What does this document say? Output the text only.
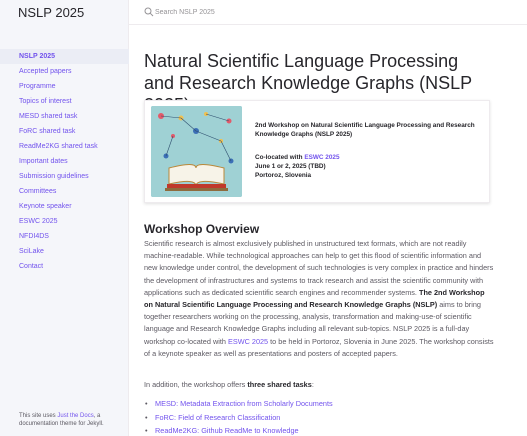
NSLP 2025
NSLP 2025
Accepted papers
Programme
Topics of interest
MESD shared task
FoRC shared task
ReadMe2KG shared task
Important dates
Submission guidelines
Committees
Keynote speaker
ESWC 2025
NFDI4DS
SciLake
Contact
This site uses Just the Docs, a documentation theme for Jekyll.
Search NSLP 2025
Natural Scientific Language Processing and Research Knowledge Graphs (NSLP
2nd Workshop on Natural Scientific Language Processing and Research Knowledge Graphs (NSLP 2025)
Co-located with ESWC 2025
June 1 or 2, 2025 (TBD)
Portoroz, Slovenia
Workshop Overview
Scientific research is almost exclusively published in unstructured text formats, which are not readily machine-readable. While technological approaches can help to get this flood of scientific information and new knowledge under control, the development of such technologies is very complex in practice and hinders the development of infrastructures and systems to track research and assist the scientific community with applications such as dedicated scientific search engines and recommender systems. The 2nd Workshop on Natural Scientific Language Processing and Research Knowledge Graphs (NSLP) aims to bring together researchers working on the processing, analysis, transformation and making-use-of scientific language and Research Knowledge Graphs including all relevant sub-topics. NSLP 2025 is a full-day workshop co-located with ESWC 2025 to be held in Portoroz, Slovenia in June 2025. The workshop consists of a keynote speaker as well as presentations and posters of accepted papers.
In addition, the workshop offers three shared tasks:
• MESD: Metadata Extraction from Scholarly Documents
• FoRC: Field of Research Classification
• ReadMe2KG: Github ReadMe to Knowledge
